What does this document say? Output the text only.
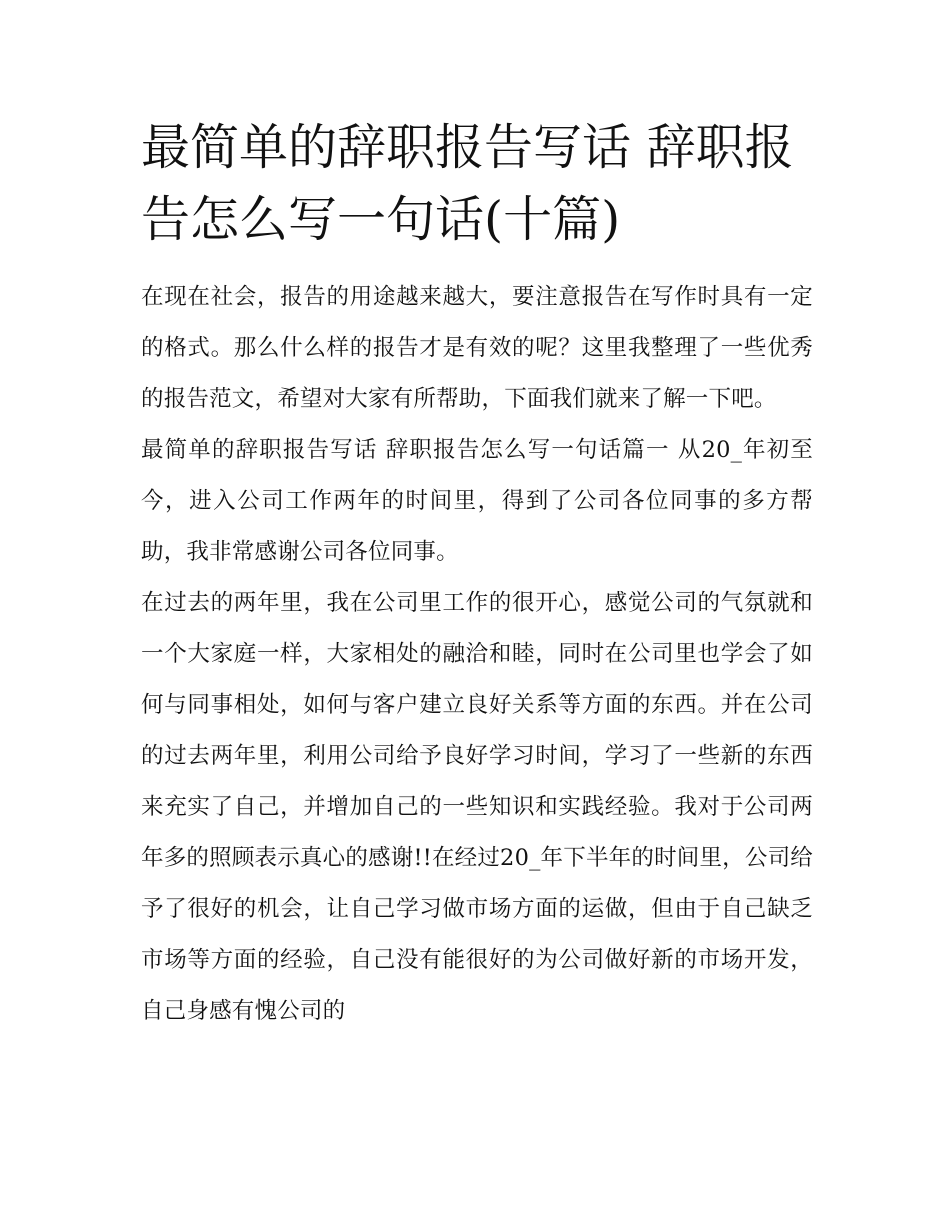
最简单的辞职报告写话 辞职报告怎么写一句话(十篇)

在现在社会，报告的用途越来越大，要注意报告在写作时具有一定的格式。那么什么样的报告才是有效的呢？这里我整理了一些优秀的报告范文，希望对大家有所帮助，下面我们就来了解一下吧。

最简单的辞职报告写话 辞职报告怎么写一句话篇一 从20_年初至今，进入公司工作两年的时间里，得到了公司各位同事的多方帮助，我非常感谢公司各位同事。

在过去的两年里，我在公司里工作的很开心，感觉公司的气氛就和一个大家庭一样，大家相处的融洽和睦，同时在公司里也学会了如何与同事相处，如何与客户建立良好关系等方面的东西。并在公司的过去两年里，利用公司给予良好学习时间，学习了一些新的东西来充实了自己，并增加自己的一些知识和实践经验。我对于公司两年多的照顾表示真心的感谢!!在经过20_年下半年的时间里，公司给予了很好的机会，让自己学习做市场方面的运做，但由于自己缺乏市场等方面的经验，自己没有能很好的为公司做好新的市场开发，自己身感有愧公司的
